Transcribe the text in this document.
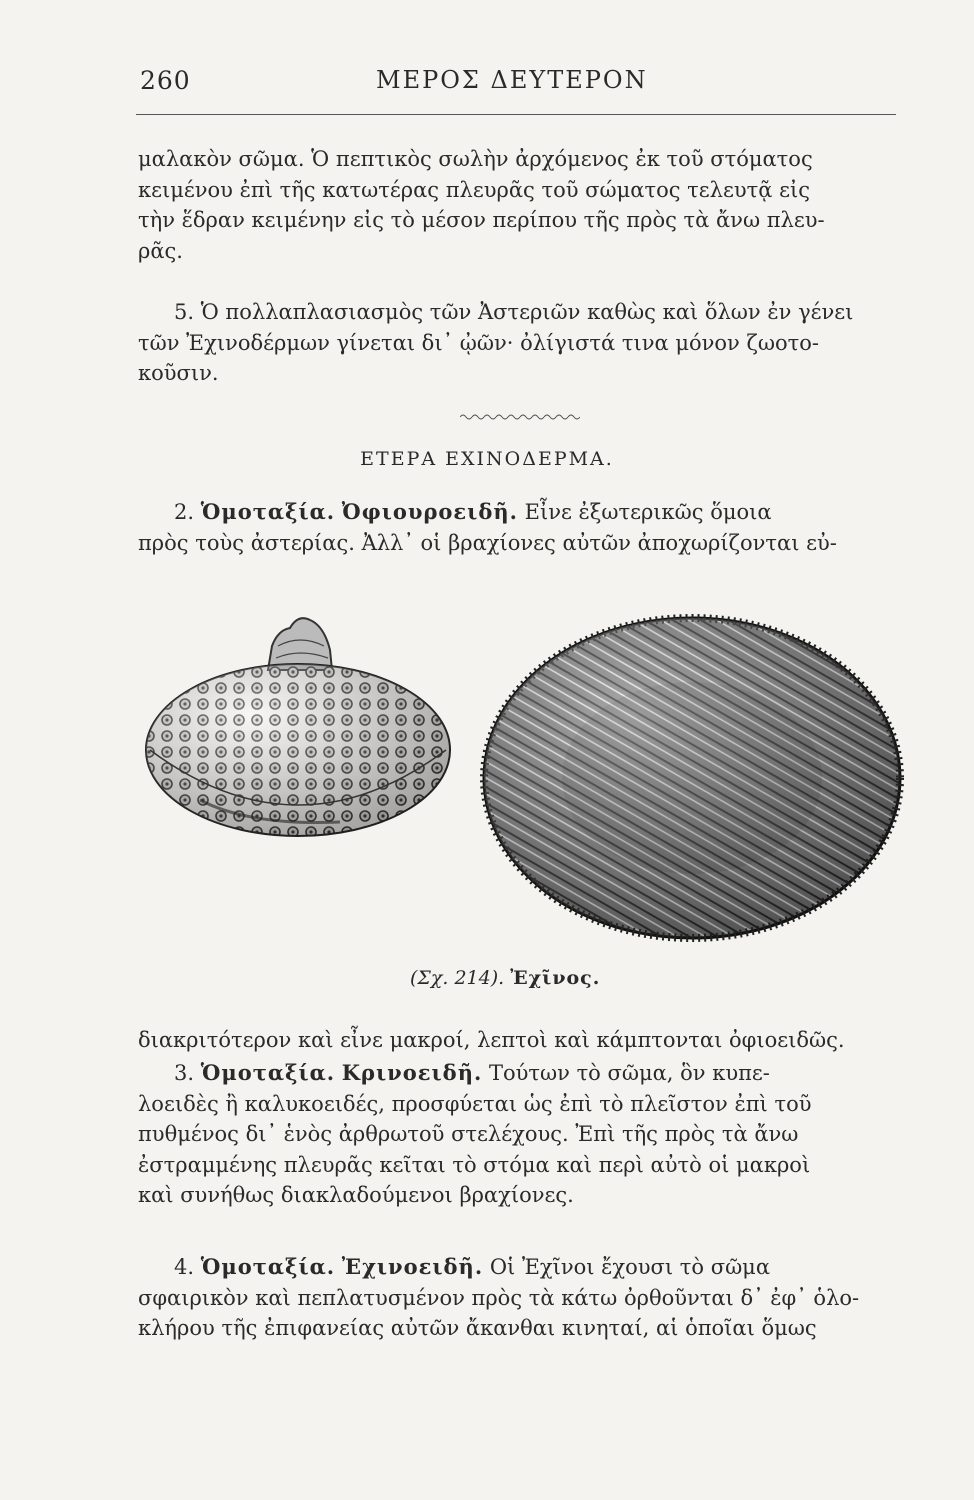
260	ΜΕΡΟΣ ΔΕΥΤΕΡΟΝ

μαλακὸν σῶμα. Ὁ πεπτικὸς σωλὴν ἀρχόμενος ἐκ τοῦ στόματος
κειμένου ἐπὶ τῆς κατωτέρας πλευρᾶς τοῦ σώματος τελευτᾷ εἰς
τὴν ἕδραν κειμένην εἰς τὸ μέσον περίπου τῆς πρὸς τὰ ἄνω πλευ-
ρᾶς.

5. Ὁ πολλαπλασιασμὸς τῶν Ἀστεριῶν καθὼς καὶ ὅλων ἐν γένει
τῶν Ἐχινοδέρμων γίνεται δι᾽ ᾠῶν· ὀλίγιστά τινα μόνον ζωοτο-
κοῦσιν.

ΕΤΕΡΑ ΕΧΙΝΟΔΕΡΜΑ.

2. Ὁμοταξία. Ὀφιουροειδῆ. Εἶνε ἐξωτερικῶς ὅμοια
πρὸς τοὺς ἀστερίας. Ἀλλ᾽ οἱ βραχίονες αὐτῶν ἀποχωρίζονται εὐ-

(Σχ. 214). Ἐχῖνος.

διακριτότερον καὶ εἶνε μακροί, λεπτοὶ καὶ κάμπτονται ὀφιοειδῶς.

3. Ὁμοταξία. Κρινοειδῆ. Τούτων τὸ σῶμα, ὃν κυπε-
λοειδὲς ἢ καλυκοειδές, προσφύεται ὡς ἐπὶ τὸ πλεῖστον ἐπὶ τοῦ
πυθμένος δι᾽ ἑνὸς ἀρθρωτοῦ στελέχους. Ἐπὶ τῆς πρὸς τὰ ἄνω
ἐστραμμένης πλευρᾶς κεῖται τὸ στόμα καὶ περὶ αὐτὸ οἱ μακροὶ
καὶ συνήθως διακλαδούμενοι βραχίονες.

4. Ὁμοταξία. Ἐχινοειδῆ. Οἱ Ἐχῖνοι ἔχουσι τὸ σῶμα
σφαιρικὸν καὶ πεπλατυσμένον πρὸς τὰ κάτω ὀρθοῦνται δ᾽ ἐφ᾽ ὁλο-
κλήρου τῆς ἐπιφανείας αὐτῶν ἄκανθαι κινηταί, αἱ ὁποῖαι ὅμως
